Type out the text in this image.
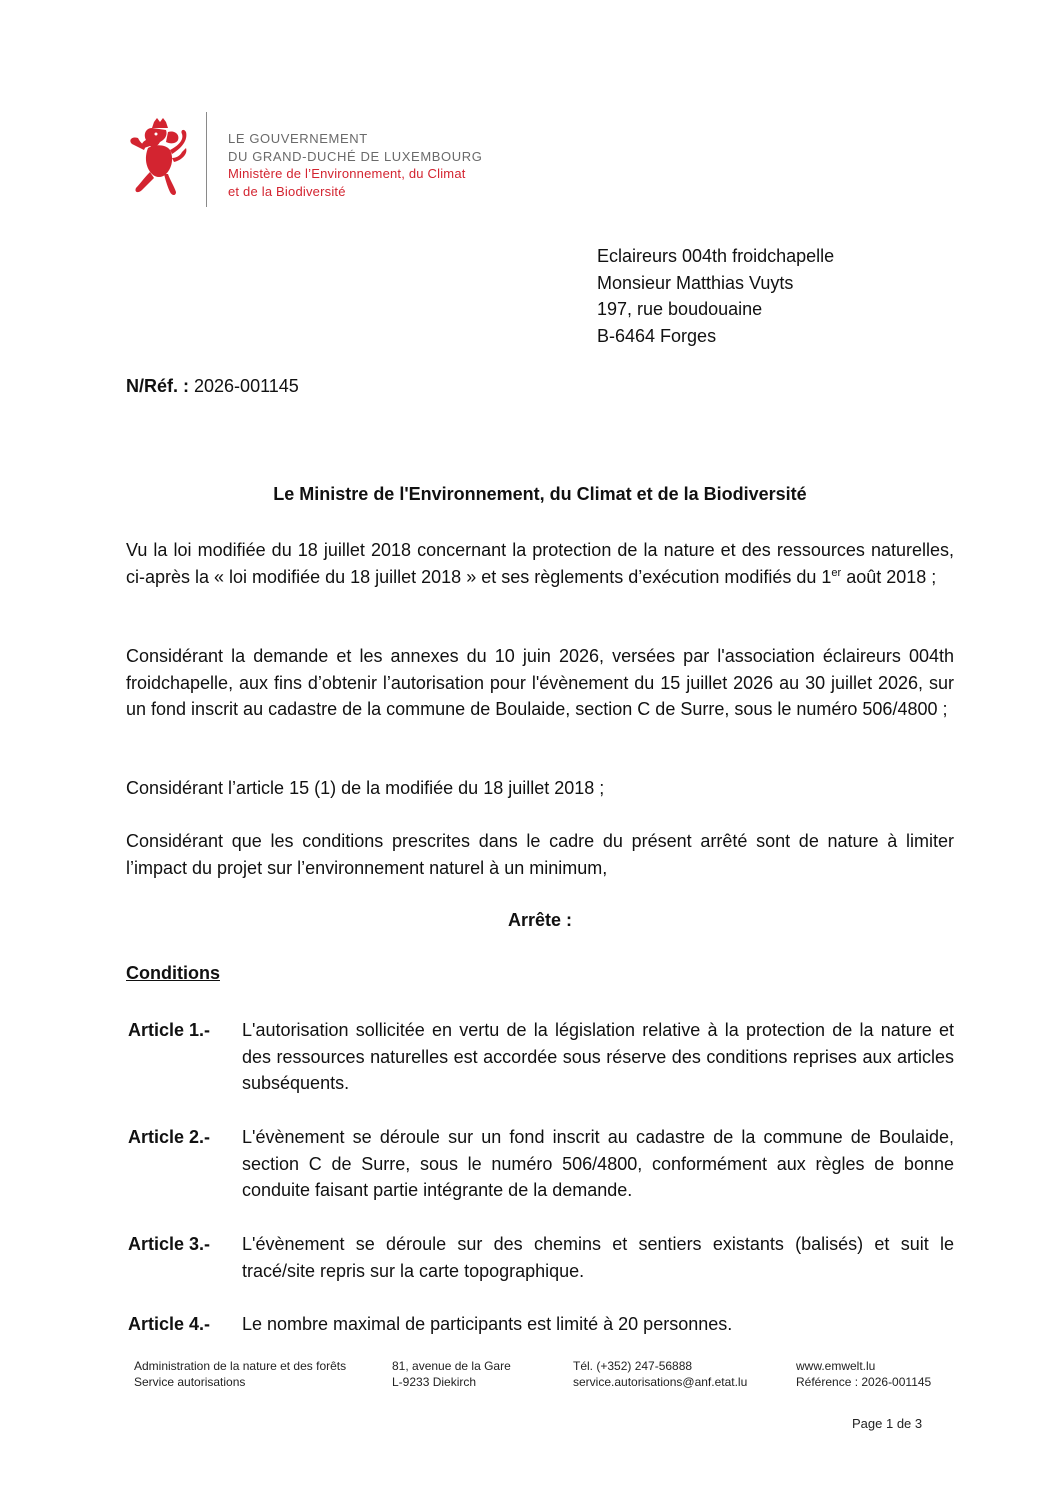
LE GOUVERNEMENT
DU GRAND-DUCHÉ DE LUXEMBOURG
Ministère de l’Environnement, du Climat
et de la Biodiversité
Eclaireurs 004th froidchapelle
Monsieur Matthias Vuyts
197, rue boudouaine
B-6464 Forges
N/Réf. : 2026-001145
Le Ministre de l'Environnement, du Climat et de la Biodiversité
Vu la loi modifiée du 18 juillet 2018 concernant la protection de la nature et des ressources naturelles, ci-après la « loi modifiée du 18 juillet 2018 » et ses règlements d’exécution modifiés du 1er août 2018 ;
Considérant la demande et les annexes du 10 juin 2026, versées par l'association éclaireurs 004th froidchapelle, aux fins d’obtenir l’autorisation pour l'évènement du 15 juillet 2026 au 30 juillet 2026, sur un fond inscrit au cadastre de la commune de Boulaide, section C de Surre, sous le numéro 506/4800 ;
Considérant l’article 15 (1) de la modifiée du 18 juillet 2018 ;
Considérant que les conditions prescrites dans le cadre du présent arrêté sont de nature à limiter l’impact du projet sur l’environnement naturel à un minimum,
Arrête :
Conditions
Article 1.- L'autorisation sollicitée en vertu de la législation relative à la protection de la nature et des ressources naturelles est accordée sous réserve des conditions reprises aux articles subséquents.
Article 2.- L'évènement se déroule sur un fond inscrit au cadastre de la commune de Boulaide, section C de Surre, sous le numéro 506/4800, conformément aux règles de bonne conduite faisant partie intégrante de la demande.
Article 3.- L'évènement se déroule sur des chemins et sentiers existants (balisés) et suit le tracé/site repris sur la carte topographique.
Article 4.- Le nombre maximal de participants est limité à 20 personnes.
Administration de la nature et des forêts
Service autorisations
81, avenue de la Gare
L-9233 Diekirch
Tél. (+352) 247-56888
service.autorisations@anf.etat.lu
www.emwelt.lu
Référence : 2026-001145
Page 1 de 3
